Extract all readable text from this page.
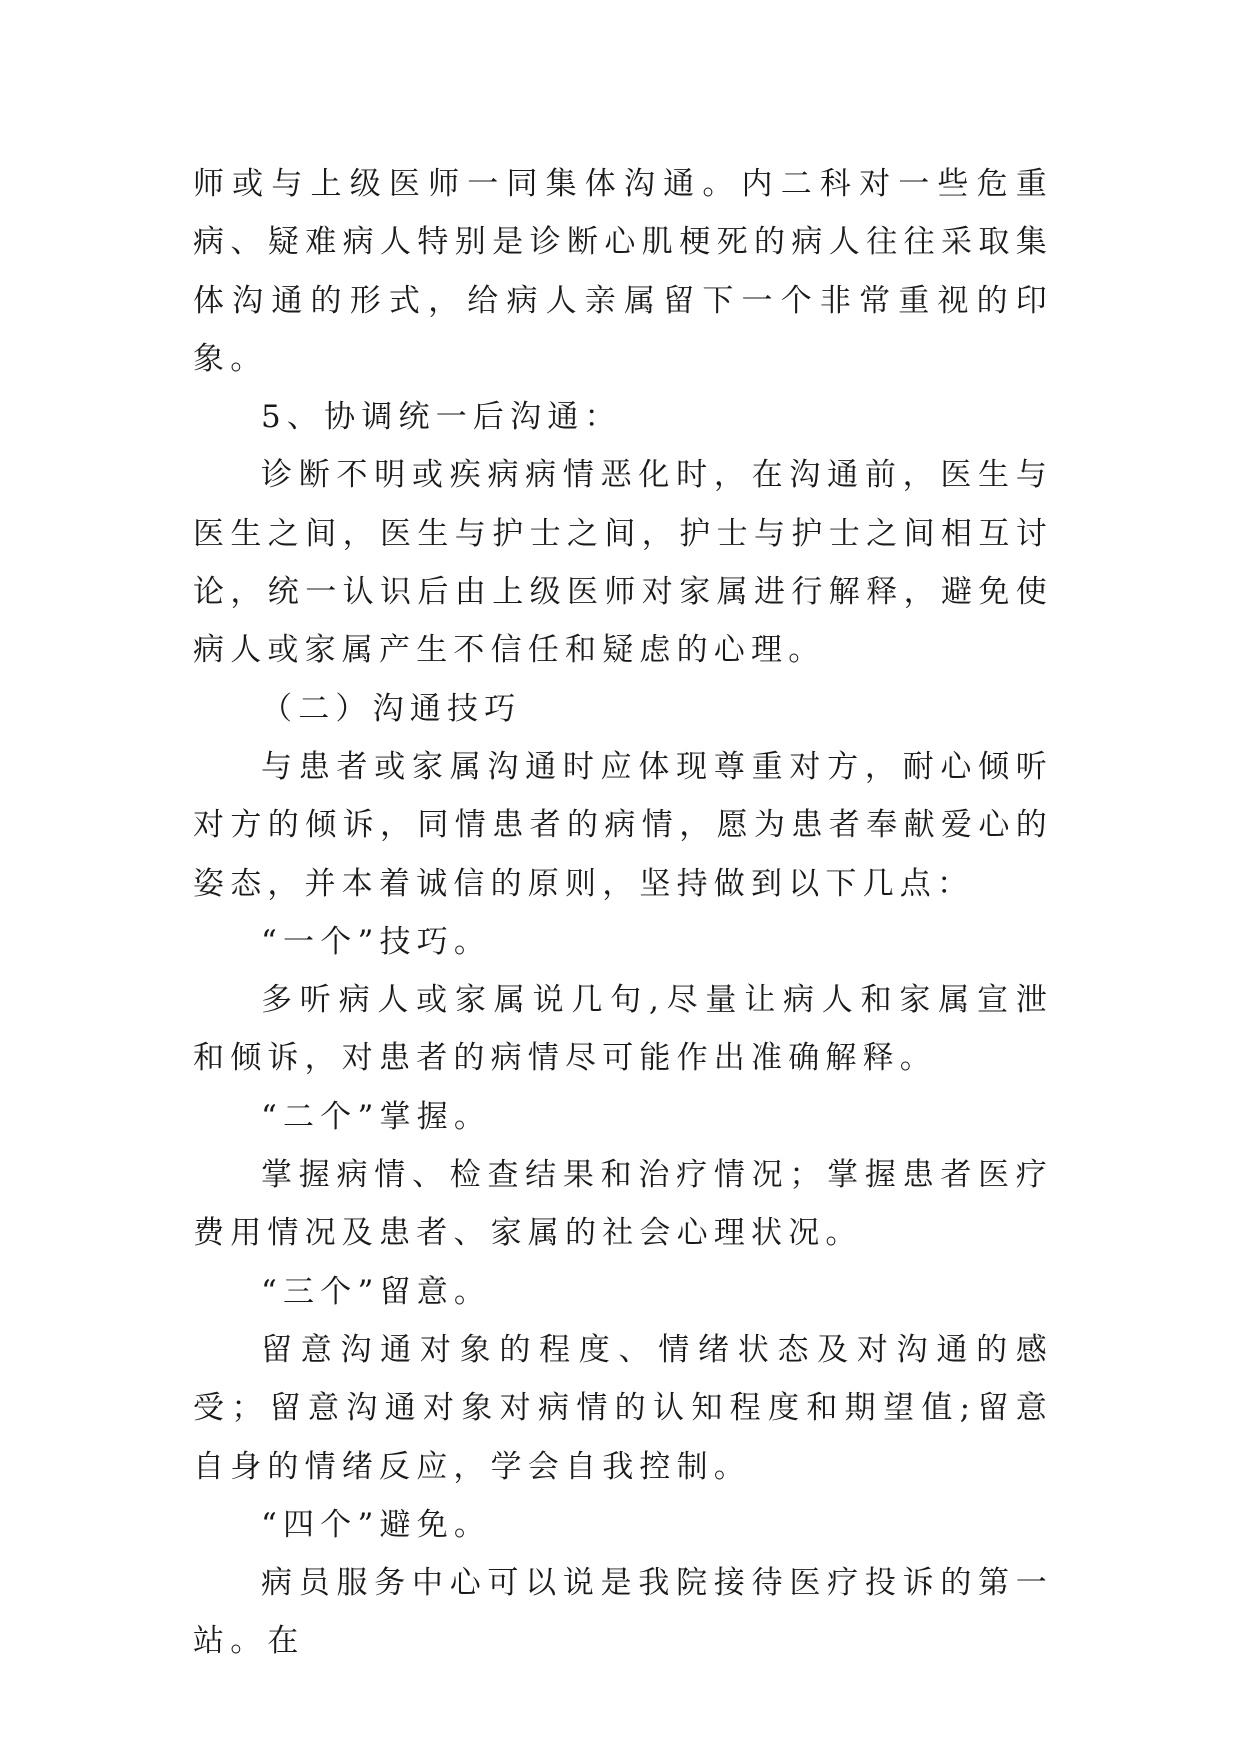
师或与上级医师一同集体沟通。内二科对一些危重病、疑难病人特别是诊断心肌梗死的病人往往采取集体沟通的形式，给病人亲属留下一个非常重视的印象。

5、协调统一后沟通：

诊断不明或疾病病情恶化时，在沟通前，医生与医生之间，医生与护士之间，护士与护士之间相互讨论，统一认识后由上级医师对家属进行解释，避免使病人或家属产生不信任和疑虑的心理。

（二）沟通技巧

与患者或家属沟通时应体现尊重对方，耐心倾听对方的倾诉，同情患者的病情，愿为患者奉献爱心的姿态，并本着诚信的原则，坚持做到以下几点：

“一个”技巧。

多听病人或家属说几句,尽量让病人和家属宣泄和倾诉，对患者的病情尽可能作出准确解释。

“二个”掌握。

掌握病情、检查结果和治疗情况；掌握患者医疗费用情况及患者、家属的社会心理状况。

“三个”留意。

留意沟通对象的程度、情绪状态及对沟通的感受；留意沟通对象对病情的认知程度和期望值;留意自身的情绪反应，学会自我控制。

“四个”避免。

病员服务中心可以说是我院接待医疗投诉的第一站。在
